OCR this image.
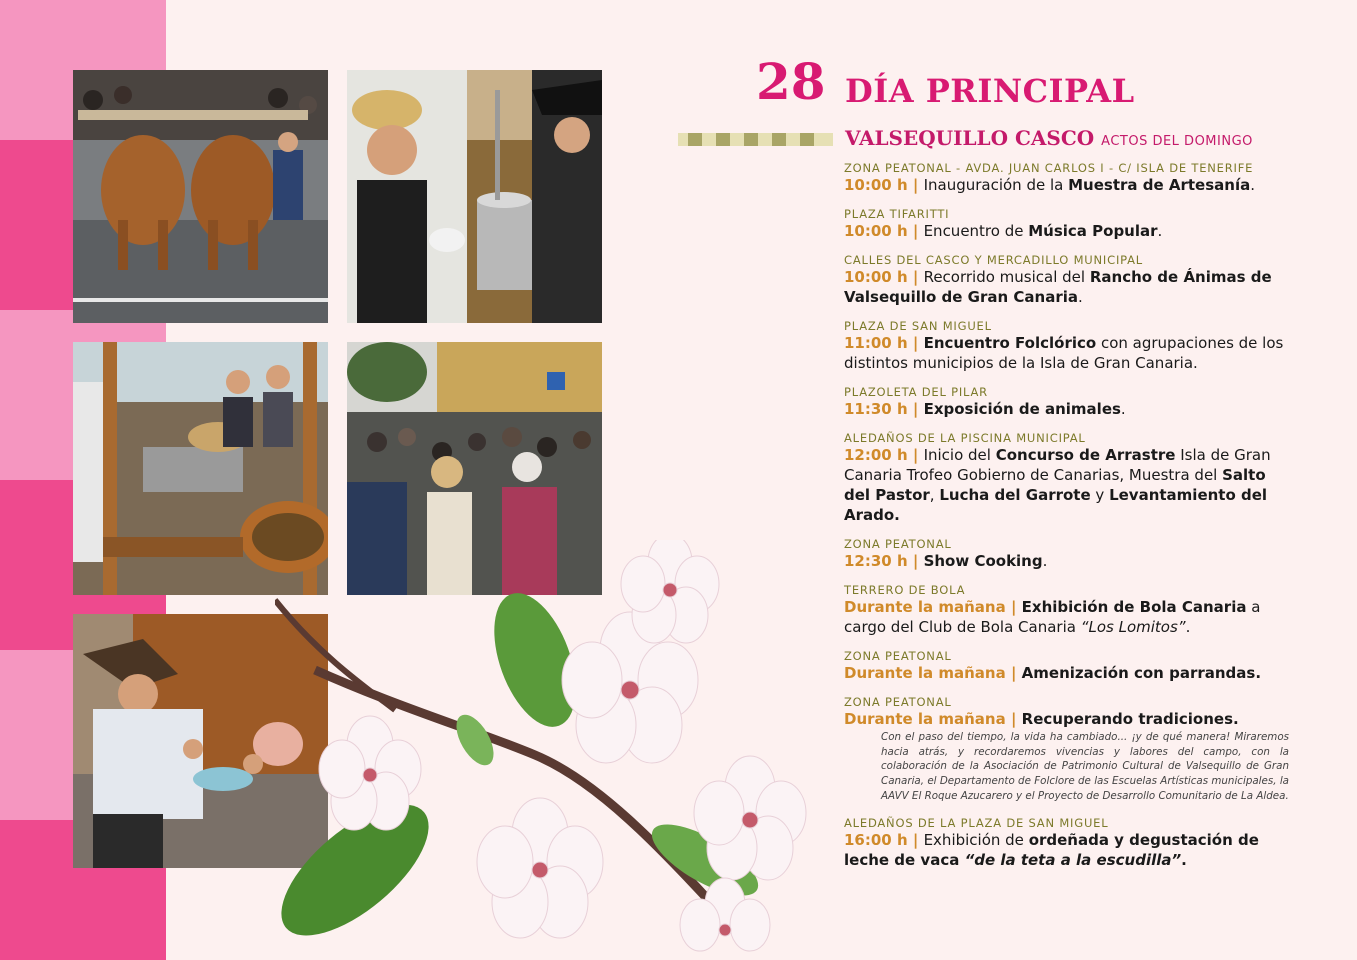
28 DÍA PRINCIPAL
VALSEQUILLO CASCO ACTOS DEL DOMINGO
ZONA PEATONAL - AVDA. JUAN CARLOS I - C/ ISLA DE TENERIFE
10:00 h | Inauguración de la Muestra de Artesanía.
PLAZA TIFARITTI
10:00 h | Encuentro de Música Popular.
CALLES DEL CASCO Y MERCADILLO MUNICIPAL
10:00 h | Recorrido musical del Rancho de Ánimas de Valsequillo de Gran Canaria.
PLAZA DE SAN MIGUEL
11:00 h | Encuentro Folclórico con agrupaciones de los distintos municipios de la Isla de Gran Canaria.
PLAZOLETA DEL PILAR
11:30 h | Exposición de animales.
ALEDAÑOS DE LA PISCINA MUNICIPAL
12:00 h | Inicio del Concurso de Arrastre Isla de Gran Canaria Trofeo Gobierno de Canarias, Muestra del Salto del Pastor, Lucha del Garrote y Levantamiento del Arado.
ZONA PEATONAL
12:30 h | Show Cooking.
TERRERO DE BOLA
Durante la mañana | Exhibición de Bola Canaria a cargo del Club de Bola Canaria “Los Lomitos”.
ZONA PEATONAL
Durante la mañana | Amenización con parrandas.
ZONA PEATONAL
Durante la mañana | Recuperando tradiciones.
Con el paso del tiempo, la vida ha cambiado... ¡y de qué manera! Miraremos hacia atrás, y recordaremos vivencias y labores del campo, con la colaboración de la Asociación de Patrimonio Cultural de Valsequillo de Gran Canaria, el Departamento de Folclore de las Escuelas Artísticas municipales, la AAVV El Roque Azucarero y el Proyecto de Desarrollo Comunitario de La Aldea.
ALEDAÑOS DE LA PLAZA DE SAN MIGUEL
16:00 h | Exhibición de ordeñada y degustación de leche de vaca “de la teta a la escudilla”.
